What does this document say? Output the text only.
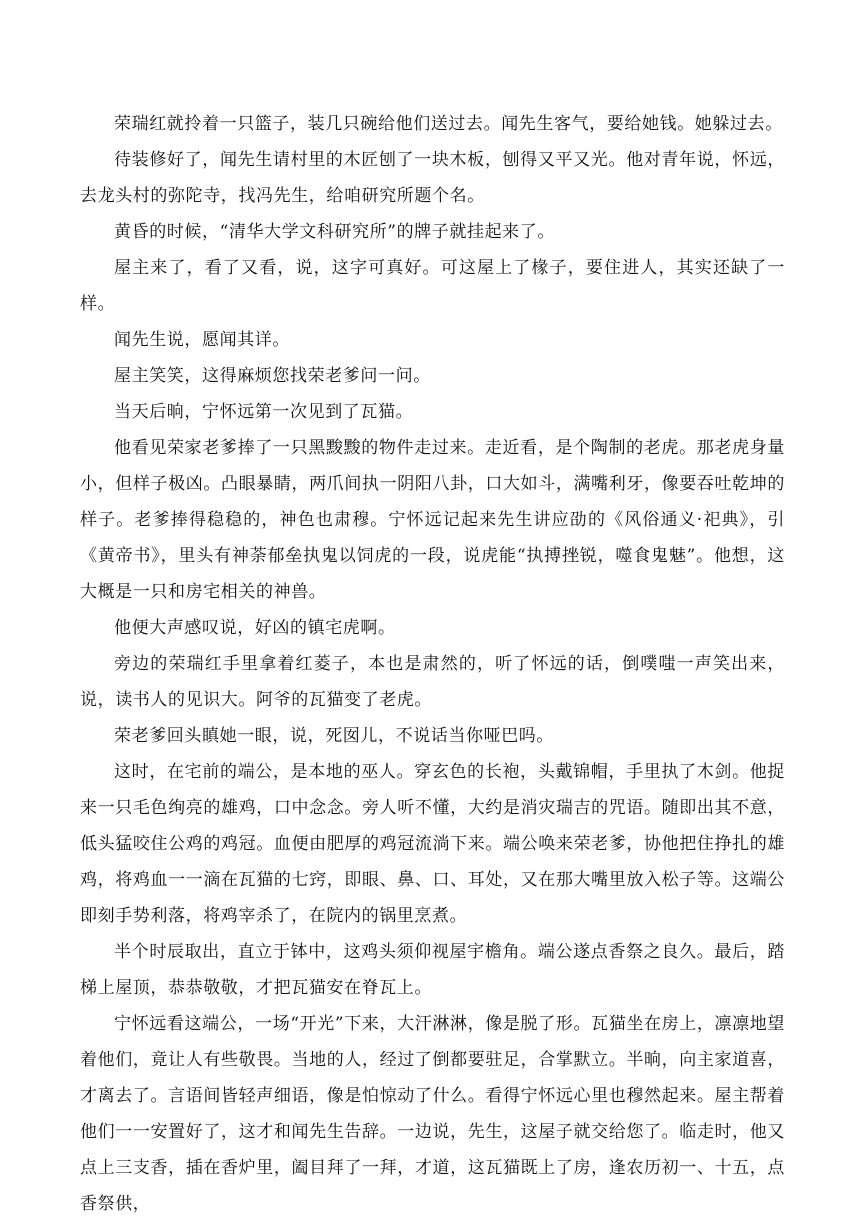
荣瑞红就拎着一只篮子，装几只碗给他们送过去。闻先生客气，要给她钱。她躲过去。

待装修好了，闻先生请村里的木匠刨了一块木板，刨得又平又光。他对青年说，怀远，去龙头村的弥陀寺，找冯先生，给咱研究所题个名。

黄昏的时候，“清华大学文科研究所”的牌子就挂起来了。

屋主来了，看了又看，说，这字可真好。可这屋上了椽子，要住进人，其实还缺了一样。

闻先生说，愿闻其详。

屋主笑笑，这得麻烦您找荣老爹问一问。

当天后晌，宁怀远第一次见到了瓦猫。

他看见荣家老爹捧了一只黑黢黢的物件走过来。走近看，是个陶制的老虎。那老虎身量小，但样子极凶。凸眼暴睛，两爪间执一阴阳八卦，口大如斗，满嘴利牙，像要吞吐乾坤的样子。老爹捧得稳稳的，神色也肃穆。宁怀远记起来先生讲应劭的《风俗通义·祀典》，引《黄帝书》，里头有神荼郁垒执鬼以饲虎的一段，说虎能“执搏挫锐，噬食鬼魅”。他想，这大概是一只和房宅相关的神兽。

他便大声感叹说，好凶的镇宅虎啊。

旁边的荣瑞红手里拿着红菱子，本也是肃然的，听了怀远的话，倒噗嗤一声笑出来，说，读书人的见识大。阿爷的瓦猫变了老虎。

荣老爹回头瞋她一眼，说，死囡儿，不说话当你哑巴吗。

这时，在宅前的端公，是本地的巫人。穿玄色的长袍，头戴锦帽，手里执了木剑。他捉来一只毛色绚亮的雄鸡，口中念念。旁人听不懂，大约是消灾瑞吉的咒语。随即出其不意，低头猛咬住公鸡的鸡冠。血便由肥厚的鸡冠流淌下来。端公唤来荣老爹，协他把住挣扎的雄鸡，将鸡血一一滴在瓦猫的七窍，即眼、鼻、口、耳处，又在那大嘴里放入松子等。这端公即刻手势利落，将鸡宰杀了，在院内的锅里烹煮。

半个时辰取出，直立于钵中，这鸡头须仰视屋宇檐角。端公遂点香祭之良久。最后，踏梯上屋顶，恭恭敬敬，才把瓦猫安在脊瓦上。

宁怀远看这端公，一场“开光”下来，大汗淋淋，像是脱了形。瓦猫坐在房上，凛凛地望着他们，竟让人有些敬畏。当地的人，经过了倒都要驻足，合掌默立。半晌，向主家道喜，才离去了。言语间皆轻声细语，像是怕惊动了什么。看得宁怀远心里也穆然起来。屋主帮着他们一一安置好了，这才和闻先生告辞。一边说，先生，这屋子就交给您了。临走时，他又点上三支香，插在香炉里，阖目拜了一拜，才道，这瓦猫既上了房，逢农历初一、十五，点香祭供，
